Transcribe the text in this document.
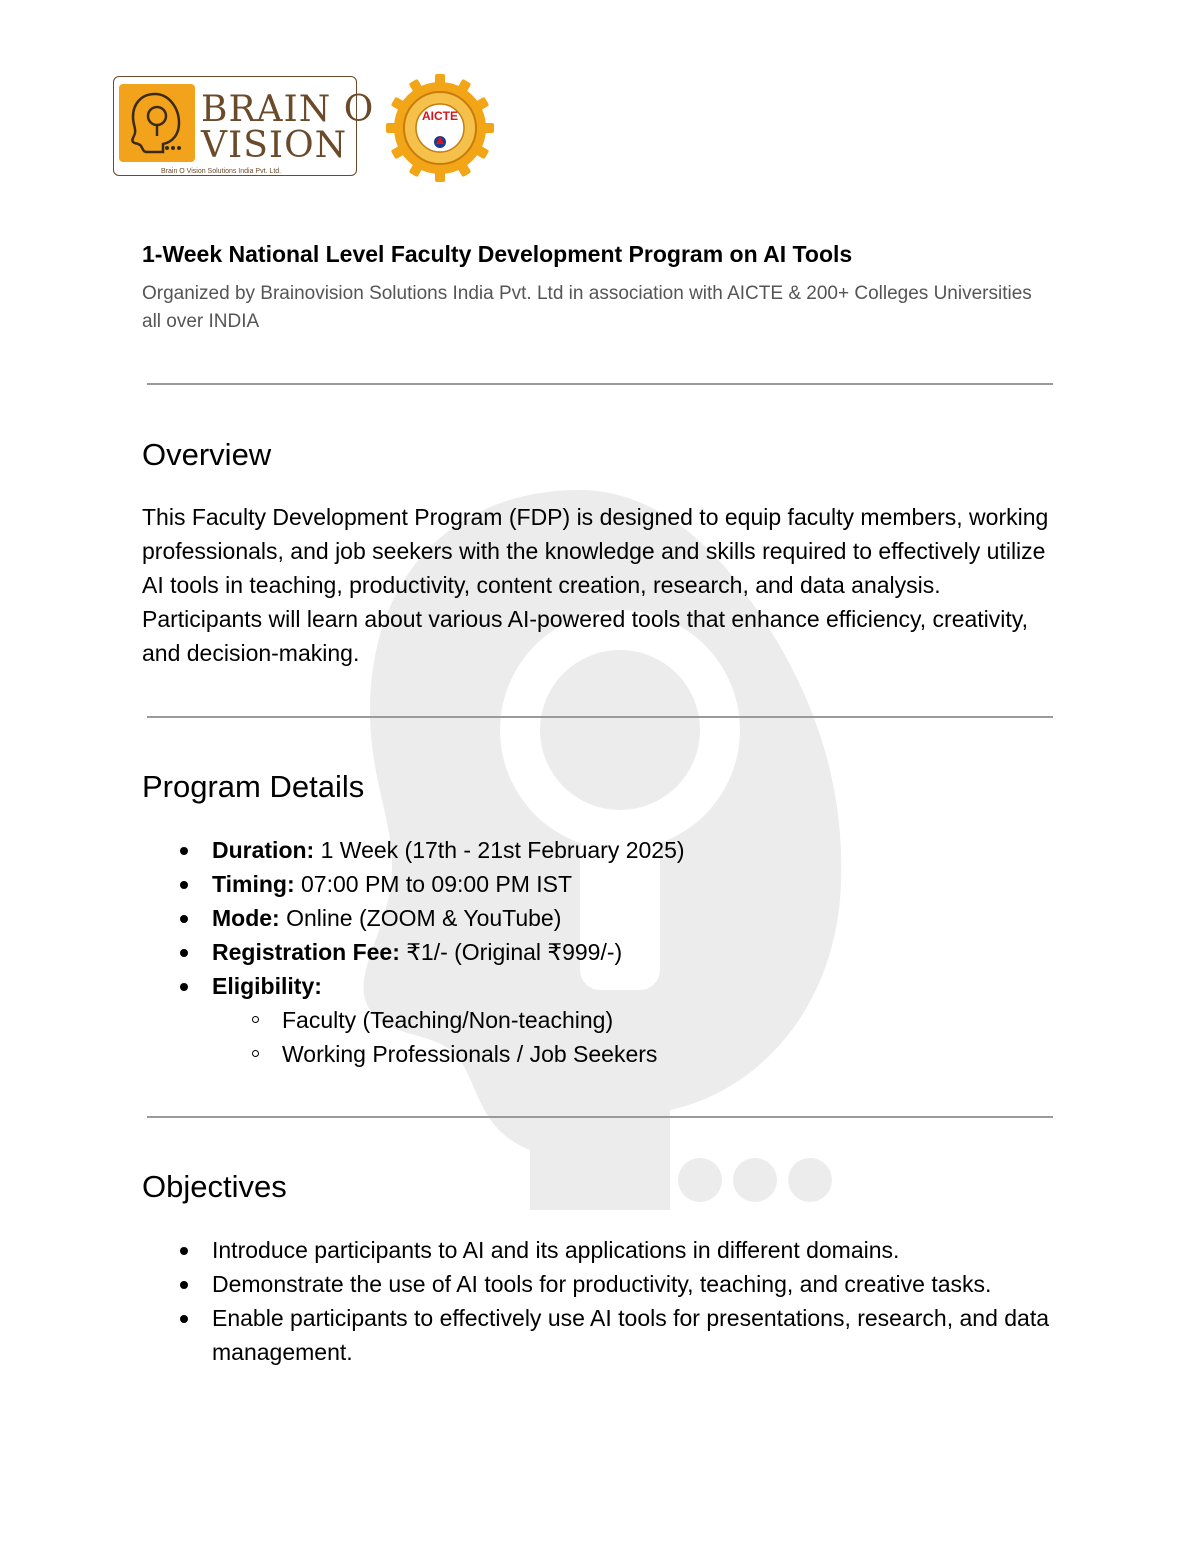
BRAIN O
VISION
Brain O Vision Solutions India Pvt. Ltd.
AICTE
1-Week National Level Faculty Development Program on AI Tools

Organized by Brainovision Solutions India Pvt. Ltd in association with AICTE & 200+ Colleges Universities all over INDIA

Overview

This Faculty Development Program (FDP) is designed to equip faculty members, working professionals, and job seekers with the knowledge and skills required to effectively utilize AI tools in teaching, productivity, content creation, research, and data analysis. Participants will learn about various AI-powered tools that enhance efficiency, creativity, and decision-making.

Program Details
Duration: 1 Week (17th - 21st February 2025)
Timing: 07:00 PM to 09:00 PM IST
Mode: Online (ZOOM & YouTube)
Registration Fee: ₹1/- (Original ₹999/-)
Eligibility:
Faculty (Teaching/Non-teaching)
Working Professionals / Job Seekers
Objectives
Introduce participants to AI and its applications in different domains.
Demonstrate the use of AI tools for productivity, teaching, and creative tasks.
Enable participants to effectively use AI tools for presentations, research, and data management.
